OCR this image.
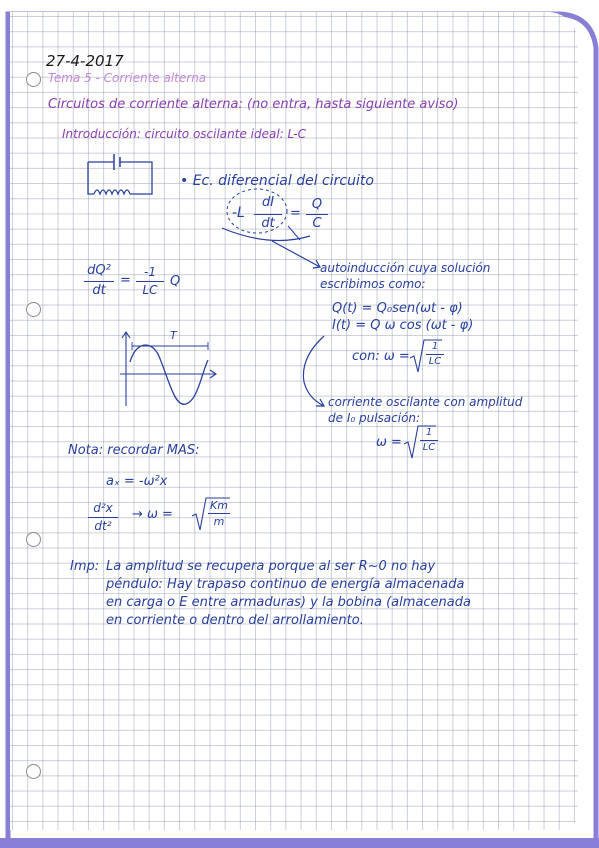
27-4-2017
Tema 5 - Corriente alterna
Circuitos de corriente alterna: (no entra, hasta siguiente aviso)
Introducción: circuito oscilante ideal: L-C
• Ec. diferencial del circuito
-L
dI
dt
=
Q
C
dQ²
dt
=
-1
LC
Q
T
autoinducción cuya solución
escribimos como:
Q(t) = Q₀sen(ωt - φ)
I(t) = Q ω cos (ωt - φ)
con: ω =
1
LC
corriente oscilante con amplitud
de I₀ pulsación:
ω =
1
LC
Nota: recordar MAS:
aₓ = -ω²x
d²x
dt²
→ ω =
Km
m
Imp: La amplitud se recupera porque al ser R~0 no hay
péndulo: Hay trapaso continuo de energía almacenada
en carga o E entre armaduras) y la bobina (almacenada
en corriente o dentro del arrollamiento.
